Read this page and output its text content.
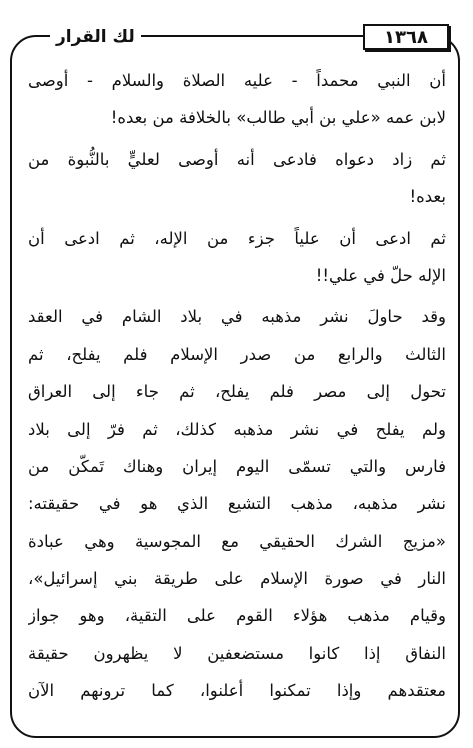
١٣٦٨
لك القرار
أن النبي محمداً - عليه الصلاة والسلام - أوصى
لابن عمه «علي بن أبي طالب» بالخلافة من بعده!
ثم زاد دعواه فادعى أنه أوصى لعليٍّ بالنُّبوة من
بعده!
ثم ادعى أن علياً جزء من الإله، ثم ادعى أن
الإله حلّ في علي!!
وقد حاولَ نشر مذهبه في بلاد الشام في العقد
الثالث والرابع من صدر الإسلام فلم يفلح، ثم
تحول إلى مصر فلم يفلح، ثم جاء إلى العراق
ولم يفلح في نشر مذهبه كذلك، ثم فرّ إلى بلاد
فارس والتي تسمّى اليوم إيران وهناك تَمكّن من
نشر مذهبه، مذهب التشيع الذي هو في حقيقته:
«مزيج الشرك الحقيقي مع المجوسية وهي عبادة
النار في صورة الإسلام على طريقة بني إسرائيل»،
وقيام مذهب هؤلاء القوم على التقية، وهو جواز
النفاق إذا كانوا مستضعفين لا يظهرون حقيقة
معتقدهم وإذا تمكنوا أعلنوا، كما ترونهم الآن
